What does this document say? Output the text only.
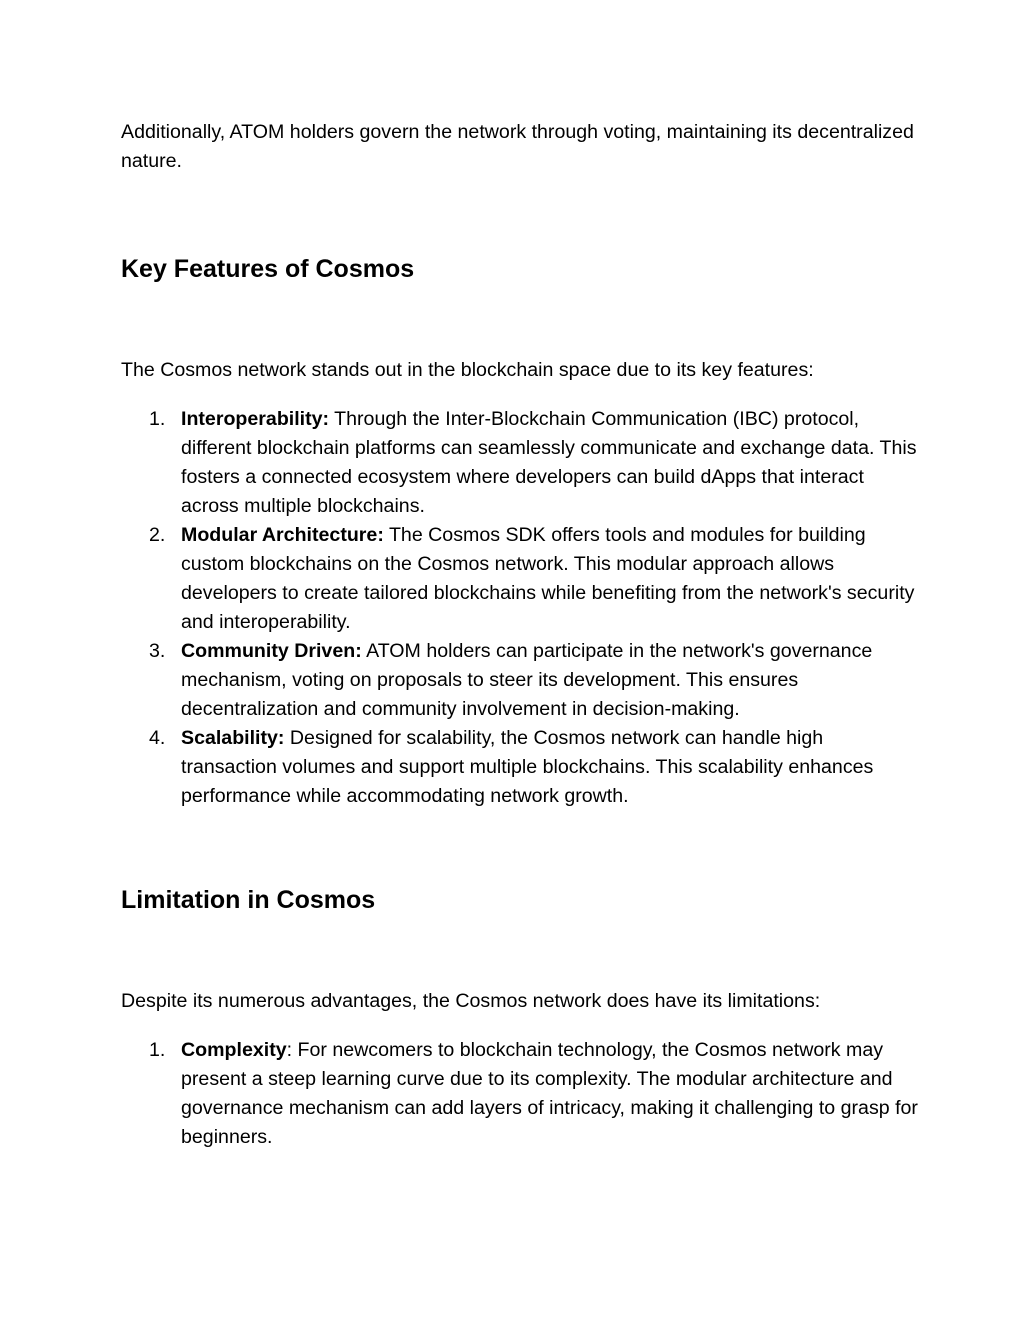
Additionally, ATOM holders govern the network through voting, maintaining its decentralized nature.

Key Features of Cosmos

The Cosmos network stands out in the blockchain space due to its key features:

1. Interoperability: Through the Inter-Blockchain Communication (IBC) protocol, different blockchain platforms can seamlessly communicate and exchange data. This fosters a connected ecosystem where developers can build dApps that interact across multiple blockchains.
2. Modular Architecture: The Cosmos SDK offers tools and modules for building custom blockchains on the Cosmos network. This modular approach allows developers to create tailored blockchains while benefiting from the network's security and interoperability.
3. Community Driven: ATOM holders can participate in the network's governance mechanism, voting on proposals to steer its development. This ensures decentralization and community involvement in decision-making.
4. Scalability: Designed for scalability, the Cosmos network can handle high transaction volumes and support multiple blockchains. This scalability enhances performance while accommodating network growth.
Limitation in Cosmos

Despite its numerous advantages, the Cosmos network does have its limitations:

1. Complexity: For newcomers to blockchain technology, the Cosmos network may present a steep learning curve due to its complexity. The modular architecture and governance mechanism can add layers of intricacy, making it challenging to grasp for beginners.
